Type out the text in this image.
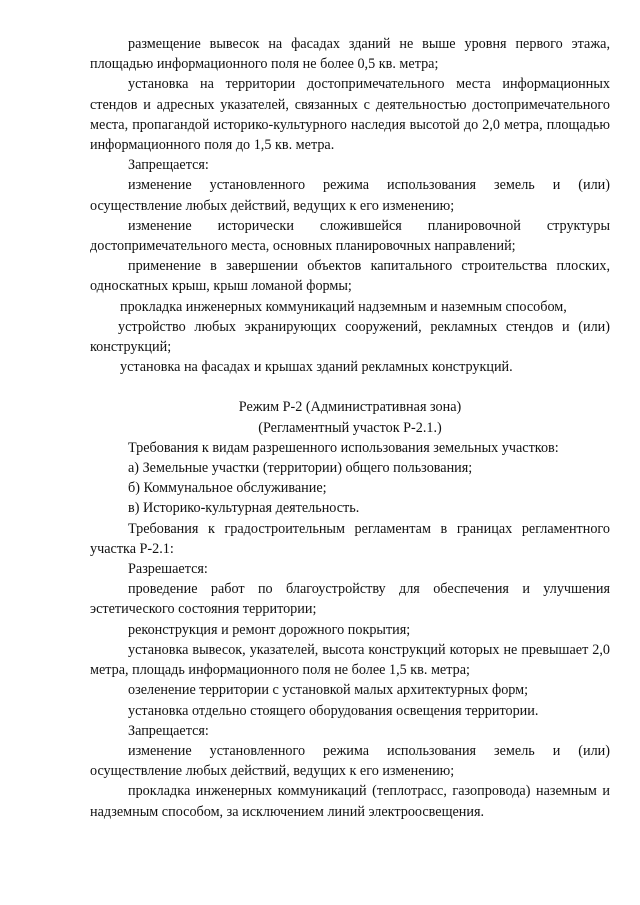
размещение вывесок на фасадах зданий не выше уровня первого этажа, площадью информационного поля не более 0,5 кв. метра;

установка на территории достопримечательного места информационных стендов и адресных указателей, связанных с деятельностью достопримечательного места, пропагандой историко-культурного наследия высотой до 2,0 метра, площадью информационного поля до 1,5 кв. метра.

Запрещается:

изменение установленного режима использования земель и (или) осуществление любых действий, ведущих к его изменению;

изменение исторически сложившейся планировочной структуры достопримечательного места, основных планировочных направлений;

применение в завершении объектов капитального строительства плоских, односкатных крыш, крыш ломаной формы;

прокладка инженерных коммуникаций надземным и наземным способом,

устройство любых экранирующих сооружений, рекламных стендов и (или) конструкций;

установка на фасадах и крышах зданий рекламных конструкций.

Режим Р-2 (Административная зона)

(Регламентный участок Р-2.1.)

Требования к видам разрешенного использования земельных участков:

а) Земельные участки (территории) общего пользования;

б) Коммунальное обслуживание;

в) Историко-культурная деятельность.

Требования к градостроительным регламентам в границах регламентного участка Р-2.1:

Разрешается:

проведение работ по благоустройству для обеспечения и улучшения эстетического состояния территории;

реконструкция и ремонт дорожного покрытия;

установка вывесок, указателей, высота конструкций которых не превышает 2,0 метра, площадь информационного поля не более 1,5 кв. метра;

озеленение территории с установкой малых архитектурных форм;

установка отдельно стоящего оборудования освещения территории.

Запрещается:

изменение установленного режима использования земель и (или) осуществление любых действий, ведущих к его изменению;

прокладка инженерных коммуникаций (теплотрасс, газопровода) наземным и надземным способом, за исключением линий электроосвещения.
